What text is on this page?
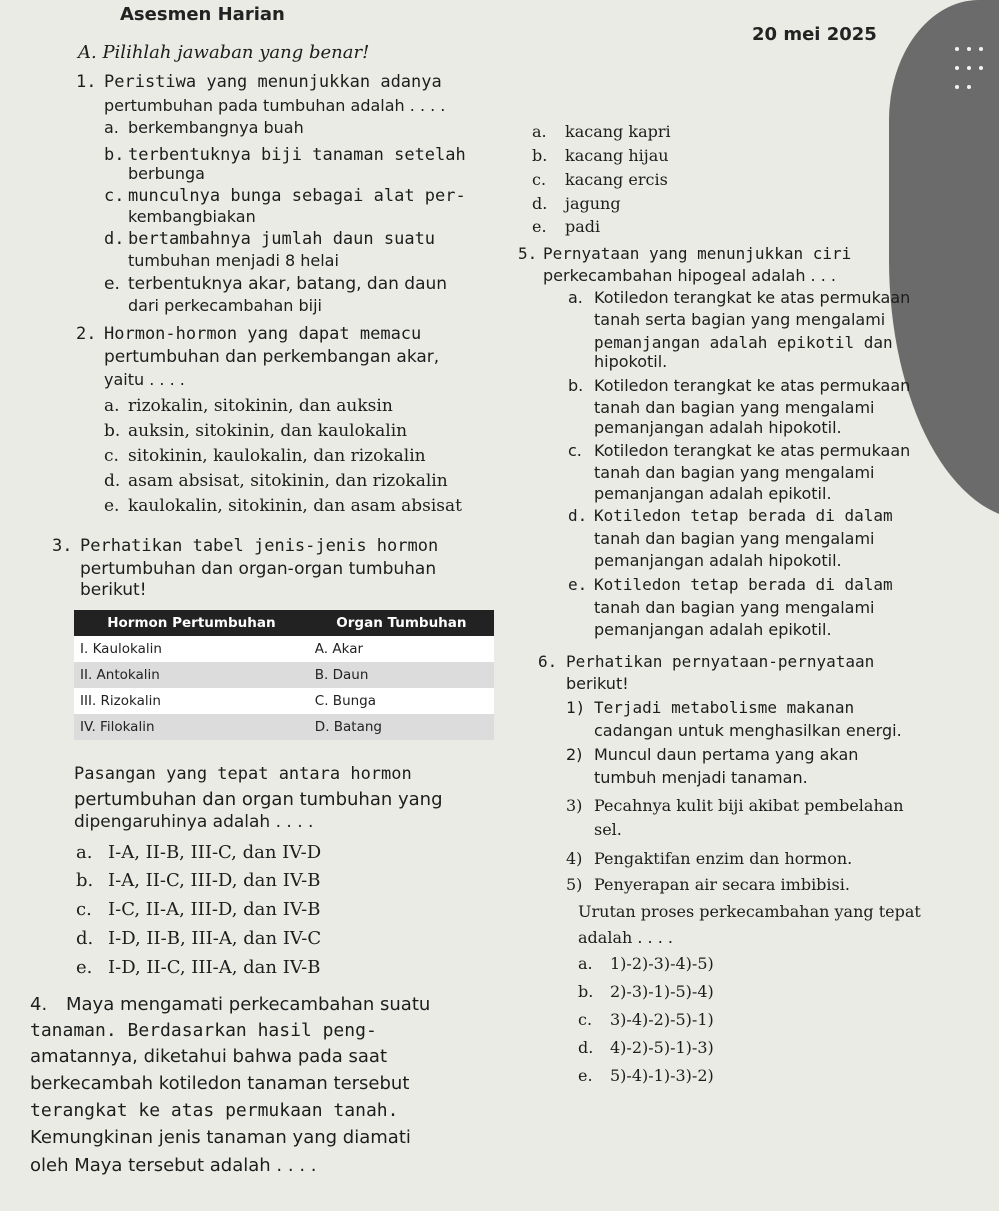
Asesmen Harian
20 mei 2025
A. Pilihlah jawaban yang benar!
1. Peristiwa yang menunjukkan adanya
pertumbuhan pada tumbuhan adalah . . . .
a. berkembangnya buah
b. terbentuknya biji tanaman setelah
berbunga
c. munculnya bunga sebagai alat per-
kembangbiakan
d. bertambahnya jumlah daun suatu
tumbuhan menjadi 8 helai
e. terbentuknya akar, batang, dan daun
dari perkecambahan biji
2. Hormon-hormon yang dapat memacu
pertumbuhan dan perkembangan akar,
yaitu . . . .
a. rizokalin, sitokinin, dan auksin
b. auksin, sitokinin, dan kaulokalin
c. sitokinin, kaulokalin, dan rizokalin
d. asam absisat, sitokinin, dan rizokalin
e. kaulokalin, sitokinin, dan asam absisat
3. Perhatikan tabel jenis-jenis hormon
pertumbuhan dan organ-organ tumbuhan
berikut!
Hormon Pertumbuhan	Organ Tumbuhan
I. Kaulokalin	A. Akar
II. Antokalin	B. Daun
III. Rizokalin	C. Bunga
IV. Filokalin	D. Batang
Pasangan yang tepat antara hormon
pertumbuhan dan organ tumbuhan yang
dipengaruhinya adalah . . . .
a. I-A, II-B, III-C, dan IV-D
b. I-A, II-C, III-D, dan IV-B
c. I-C, II-A, III-D, dan IV-B
d. I-D, II-B, III-A, dan IV-C
e. I-D, II-C, III-A, dan IV-B
4. Maya mengamati perkecambahan suatu
tanaman. Berdasarkan hasil peng-
amatannya, diketahui bahwa pada saat
berkecambah kotiledon tanaman tersebut
terangkat ke atas permukaan tanah.
Kemungkinan jenis tanaman yang diamati
oleh Maya tersebut adalah . . . .
a. kacang kapri
b. kacang hijau
c. kacang ercis
d. jagung
e. padi
5. Pernyataan yang menunjukkan ciri
perkecambahan hipogeal adalah . . .
a. Kotiledon terangkat ke atas permukaan
tanah serta bagian yang mengalami
pemanjangan adalah epikotil dan
hipokotil.
b. Kotiledon terangkat ke atas permukaan
tanah dan bagian yang mengalami
pemanjangan adalah hipokotil.
c. Kotiledon terangkat ke atas permukaan
tanah dan bagian yang mengalami
pemanjangan adalah epikotil.
d. Kotiledon tetap berada di dalam
tanah dan bagian yang mengalami
pemanjangan adalah hipokotil.
e. Kotiledon tetap berada di dalam
tanah dan bagian yang mengalami
pemanjangan adalah epikotil.
6. Perhatikan pernyataan-pernyataan
berikut!
1) Terjadi metabolisme makanan
cadangan untuk menghasilkan energi.
2) Muncul daun pertama yang akan
tumbuh menjadi tanaman.
3) Pecahnya kulit biji akibat pembelahan
sel.
4) Pengaktifan enzim dan hormon.
5) Penyerapan air secara imbibisi.
Urutan proses perkecambahan yang tepat
adalah . . . .
a. 1)-2)-3)-4)-5)
b. 2)-3)-1)-5)-4)
c. 3)-4)-2)-5)-1)
d. 4)-2)-5)-1)-3)
e. 5)-4)-1)-3)-2)
